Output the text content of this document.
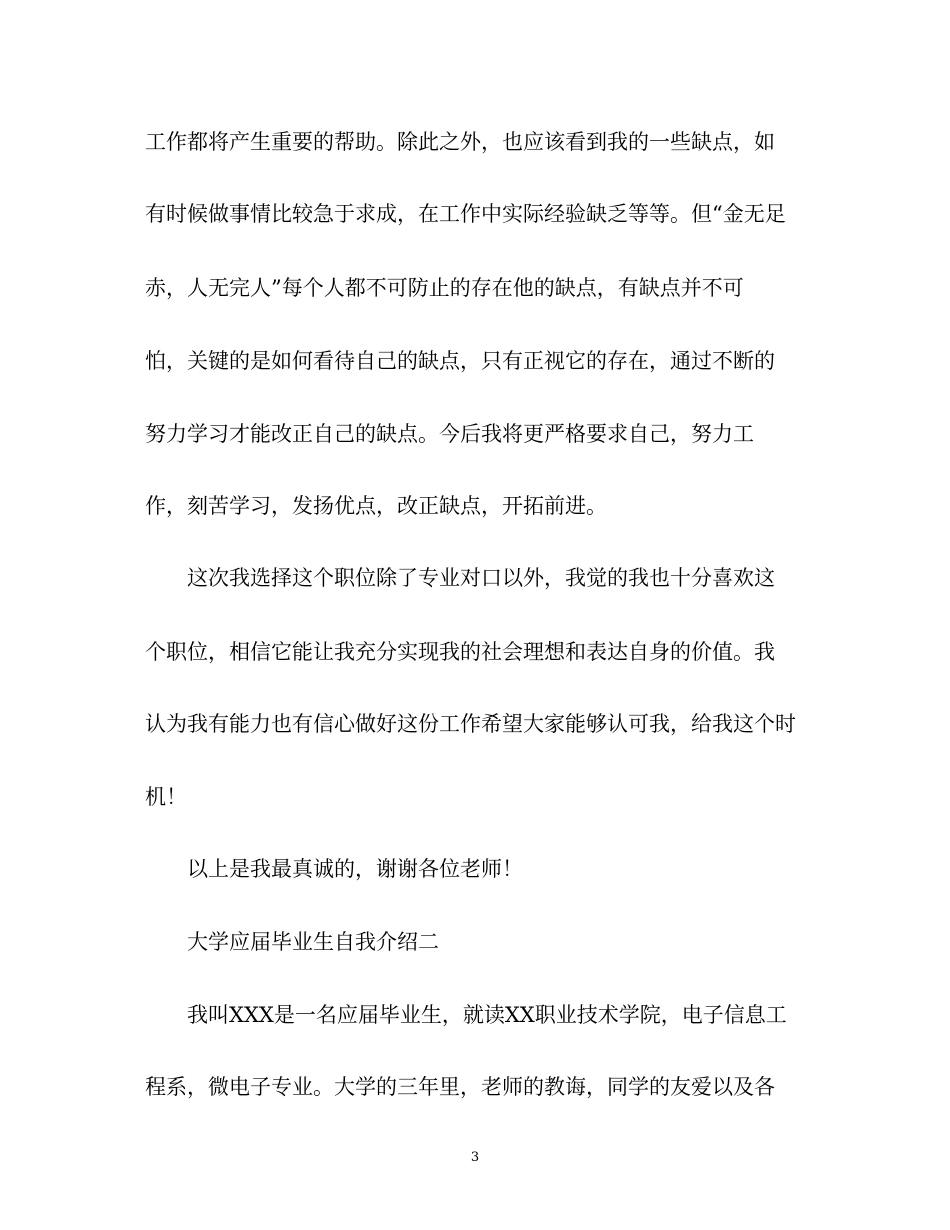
工作都将产生重要的帮助。除此之外，也应该看到我的一些缺点，如

有时候做事情比较急于求成，在工作中实际经验缺乏等等。但“金无足

赤，人无完人”每个人都不可防止的存在他的缺点，有缺点并不可

怕，关键的是如何看待自己的缺点，只有正视它的存在，通过不断的

努力学习才能改正自己的缺点。今后我将更严格要求自己，努力工

作，刻苦学习，发扬优点，改正缺点，开拓前进。

这次我选择这个职位除了专业对口以外，我觉的我也十分喜欢这

个职位，相信它能让我充分实现我的社会理想和表达自身的价值。我

认为我有能力也有信心做好这份工作希望大家能够认可我，给我这个时

机！

以上是我最真诚的，谢谢各位老师！

大学应届毕业生自我介绍二

我叫XXX是一名应届毕业生，就读XX职业技术学院，电子信息工

程系，微电子专业。大学的三年里，老师的教诲，同学的友爱以及各

3
